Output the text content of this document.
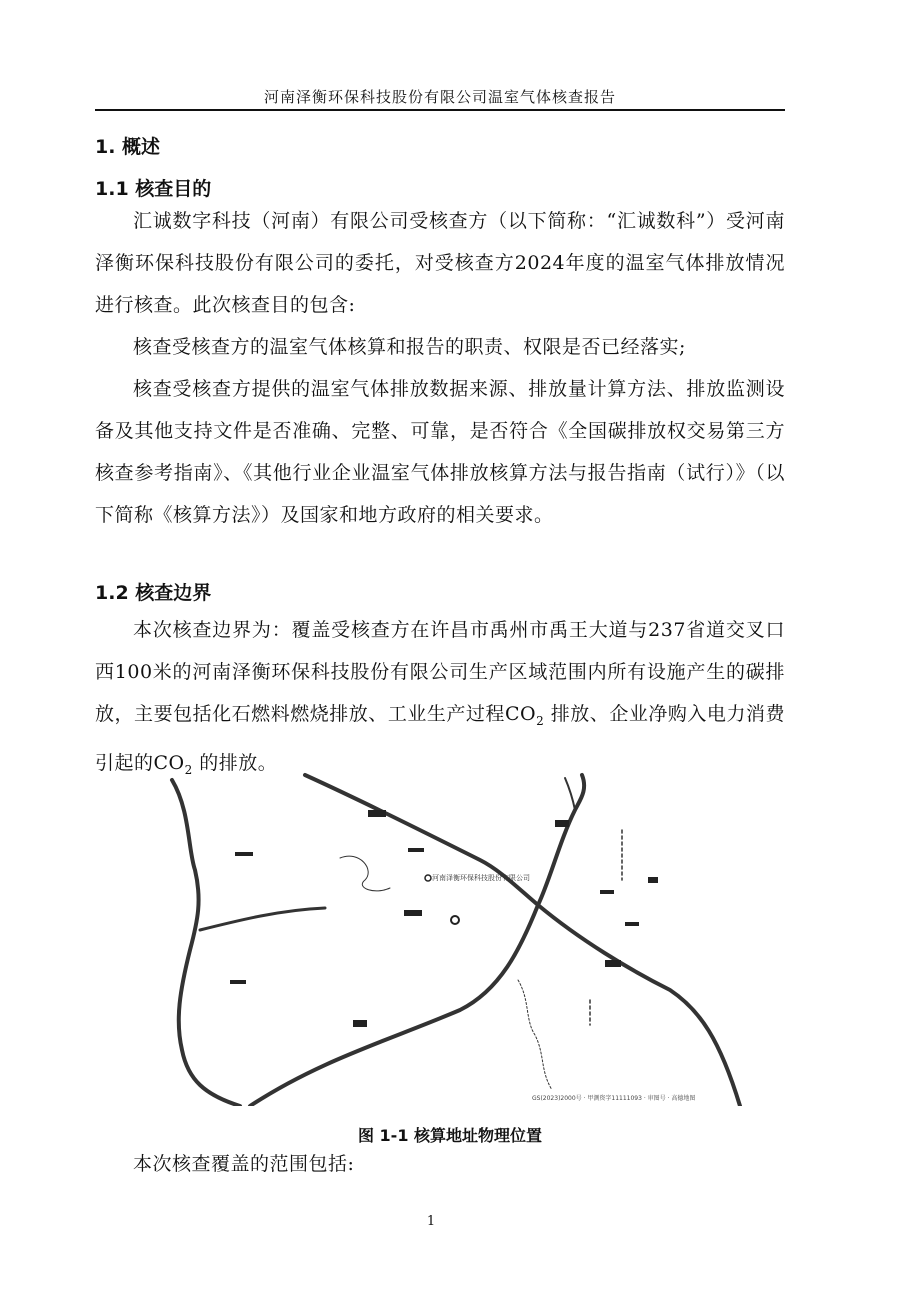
河南泽衡环保科技股份有限公司温室气体核查报告
1. 概述
1.1 核查目的
汇诚数字科技（河南）有限公司受核查方（以下简称：“汇诚数科”）受河南泽衡环保科技股份有限公司的委托，对受核查方2024年度的温室气体排放情况进行核查。此次核查目的包含:
核查受核查方的温室气体核算和报告的职责、权限是否已经落实;
核查受核查方提供的温室气体排放数据来源、排放量计算方法、排放监测设备及其他支持文件是否准确、完整、可靠，是否符合《全国碳排放权交易第三方核查参考指南》、《其他行业企业温室气体排放核算方法与报告指南（试行）》（以下简称《核算方法》）及国家和地方政府的相关要求。
1.2 核查边界
本次核查边界为：覆盖受核查方在许昌市禹州市禹王大道与237省道交叉口西100米的河南泽衡环保科技股份有限公司生产区域范围内所有设施产生的碳排放，主要包括化石燃料燃烧排放、工业生产过程$CO_2$ 排放、企业净购入电力消费引起的$CO_2$ 的排放。
河南泽衡环保科技股份有限公司
GS(2023)2000号 · 甲测资字11111093 · 审图号 · 高德地图
图 1-1 核算地址物理位置
本次核查覆盖的范围包括:
1
